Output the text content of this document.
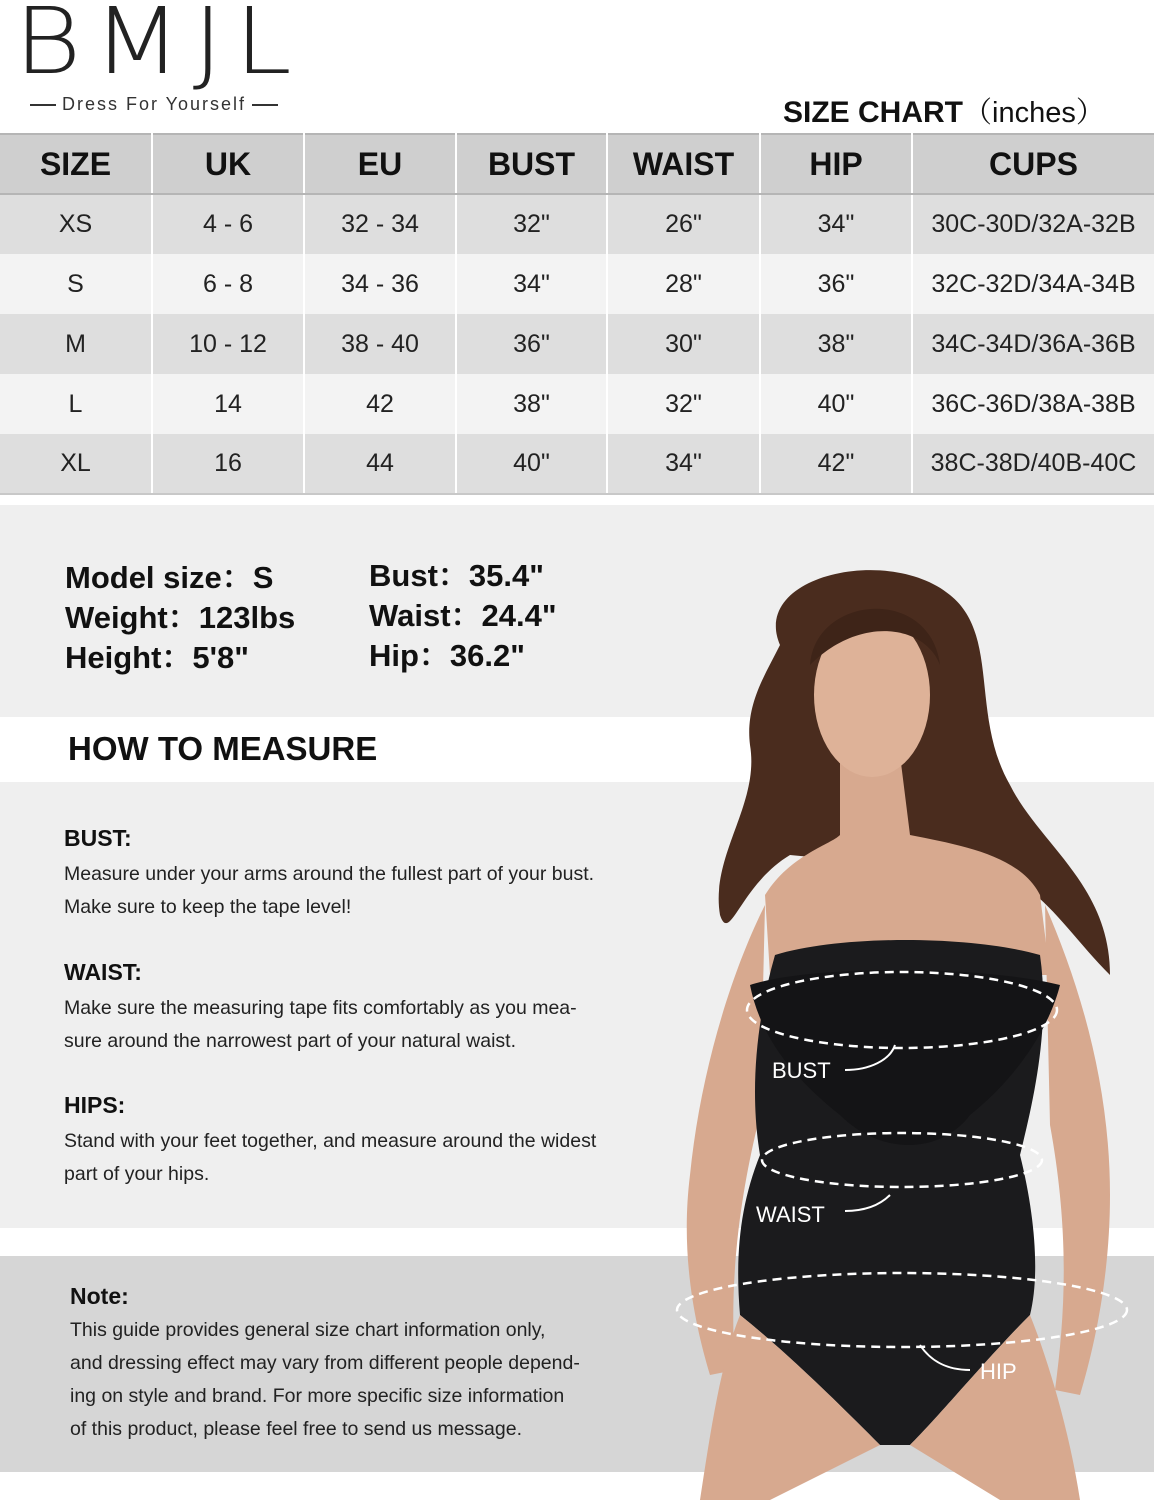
BMJL
Dress For Yourself	SIZE CHART（inches）
SIZE	UK	EU	BUST	WAIST	HIP	CUPS
XS	4 - 6	32 - 34	32"	26"	34"	30C-30D/32A-32B
S	6 - 8	34 - 36	34"	28"	36"	32C-32D/34A-34B
M	10 - 12	38 - 40	36"	30"	38"	34C-34D/36A-36B
L	14	42	38"	32"	40"	36C-36D/38A-38B
XL	16	44	40"	34"	42"	38C-38D/40B-40C
Model size：S
Weight：123lbs
Height：5'8"
Bust：35.4"
Waist：24.4"
Hip：36.2"
HOW TO MEASURE
BUST:

Measure under your arms around the fullest part of your bust.

Make sure to keep the tape level!

WAIST:

Make sure the measuring tape fits comfortably as you mea-

sure around the narrowest part of your natural waist.

HIPS:

Stand with your feet together, and measure around the widest

part of your hips.

Note:

This guide provides general size chart information only,

and dressing effect may vary from different people depend-

ing on style and brand. For more specific size information

of this product, please feel free to send us message.

BUST
WAIST
HIP
